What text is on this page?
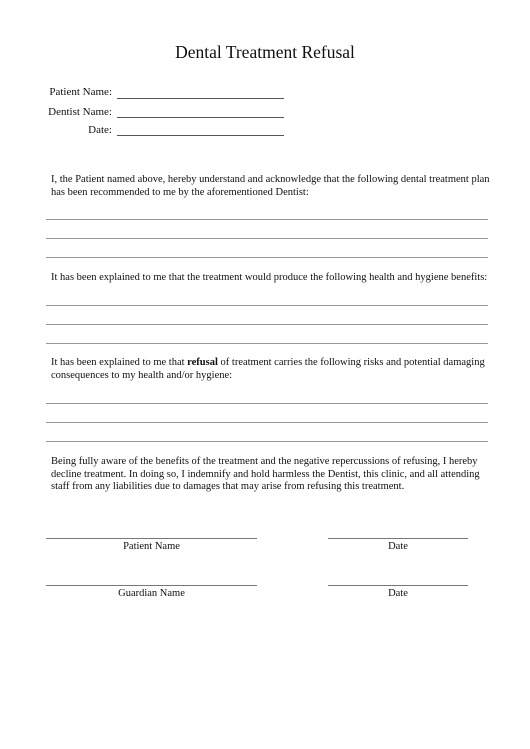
Dental Treatment Refusal
Patient Name:
Dentist Name:
Date:
I, the Patient named above, hereby understand and acknowledge that the following dental treatment plan has been recommended to me by the aforementioned Dentist:
It has been explained to me that the treatment would produce the following health and hygiene benefits:
It has been explained to me that refusal of treatment carries the following risks and potential damaging consequences to my health and/or hygiene:
Being fully aware of the benefits of the treatment and the negative repercussions of refusing, I hereby decline treatment. In doing so, I indemnify and hold harmless the Dentist, this clinic, and all attending staff from any liabilities due to damages that may arise from refusing this treatment.
Patient Name	Date
Guardian Name	Date
